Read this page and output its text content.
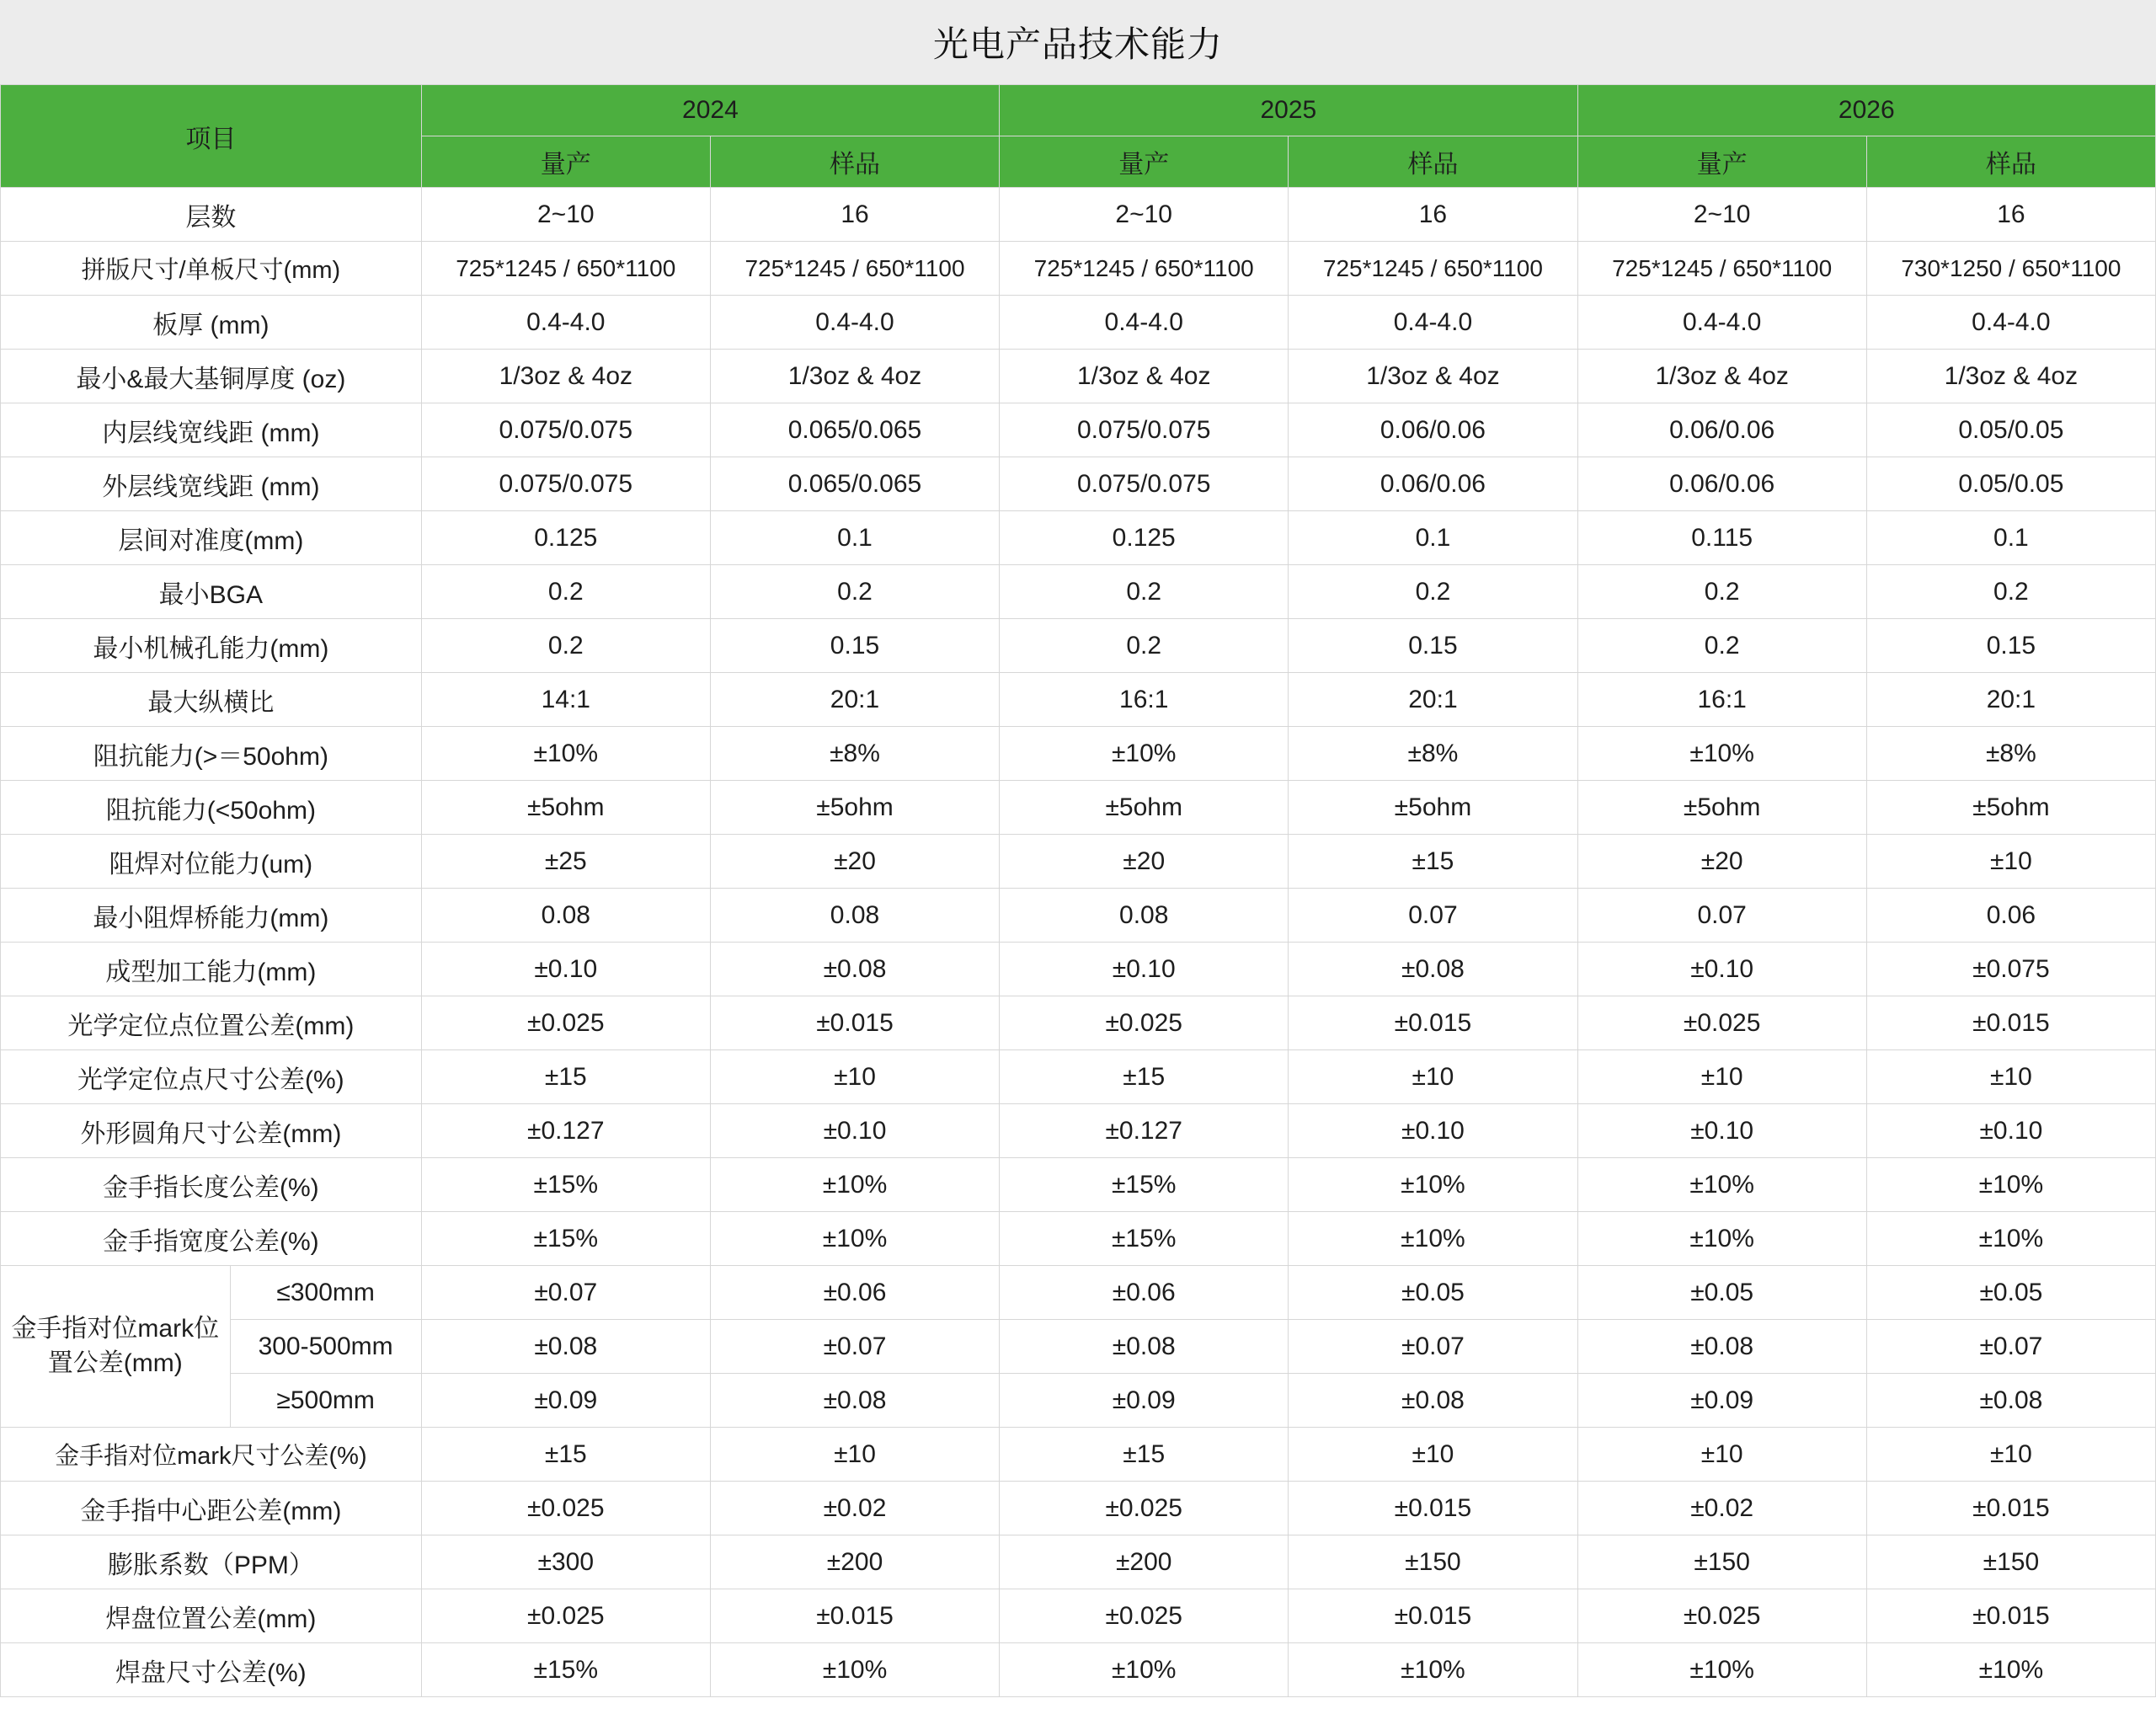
光电产品技术能力
项目		2024		2025		2026	
		量产	样品	量产	样品	量产	样品
层数		2~10	16	2~10	16	2~10	16
拼版尺寸/单板尺寸(mm)		725*1245 / 650*1100	725*1245 / 650*1100	725*1245 / 650*1100	725*1245 / 650*1100	725*1245 / 650*1100	730*1250 / 650*1100
板厚 (mm)		0.4-4.0	0.4-4.0	0.4-4.0	0.4-4.0	0.4-4.0	0.4-4.0
最小&最大基铜厚度 (oz)		1/3oz & 4oz	1/3oz & 4oz	1/3oz & 4oz	1/3oz & 4oz	1/3oz & 4oz	1/3oz & 4oz
内层线宽线距 (mm)		0.075/0.075	0.065/0.065	0.075/0.075	0.06/0.06	0.06/0.06	0.05/0.05
外层线宽线距 (mm)		0.075/0.075	0.065/0.065	0.075/0.075	0.06/0.06	0.06/0.06	0.05/0.05
层间对准度(mm)		0.125	0.1	0.125	0.1	0.115	0.1
最小BGA		0.2	0.2	0.2	0.2	0.2	0.2
最小机械孔能力(mm)		0.2	0.15	0.2	0.15	0.2	0.15
最大纵横比		14:1	20:1	16:1	20:1	16:1	20:1
阻抗能力(>＝50ohm)		±10%	±8%	±10%	±8%	±10%	±8%
阻抗能力(<50ohm)		±5ohm	±5ohm	±5ohm	±5ohm	±5ohm	±5ohm
阻焊对位能力(um)		±25	±20	±20	±15	±20	±10
最小阻焊桥能力(mm)		0.08	0.08	0.08	0.07	0.07	0.06
成型加工能力(mm)		±0.10	±0.08	±0.10	±0.08	±0.10	±0.075
光学定位点位置公差(mm)		±0.025	±0.015	±0.025	±0.015	±0.025	±0.015
光学定位点尺寸公差(%)		±15	±10	±15	±10	±10	±10
外形圆角尺寸公差(mm)		±0.127	±0.10	±0.127	±0.10	±0.10	±0.10
金手指长度公差(%)		±15%	±10%	±15%	±10%	±10%	±10%
金手指宽度公差(%)		±15%	±10%	±15%	±10%	±10%	±10%
金手指对位mark位置公差(mm)	≤300mm	±0.07	±0.06	±0.06	±0.05	±0.05	±0.05
	300-500mm	±0.08	±0.07	±0.08	±0.07	±0.08	±0.07
	≥500mm	±0.09	±0.08	±0.09	±0.08	±0.09	±0.08
金手指对位mark尺寸公差(%)		±15	±10	±15	±10	±10	±10
金手指中心距公差(mm)		±0.025	±0.02	±0.025	±0.015	±0.02	±0.015
膨胀系数（PPM）		±300	±200	±200	±150	±150	±150
焊盘位置公差(mm)		±0.025	±0.015	±0.025	±0.015	±0.025	±0.015
焊盘尺寸公差(%)		±15%	±10%	±10%	±10%	±10%	±10%
